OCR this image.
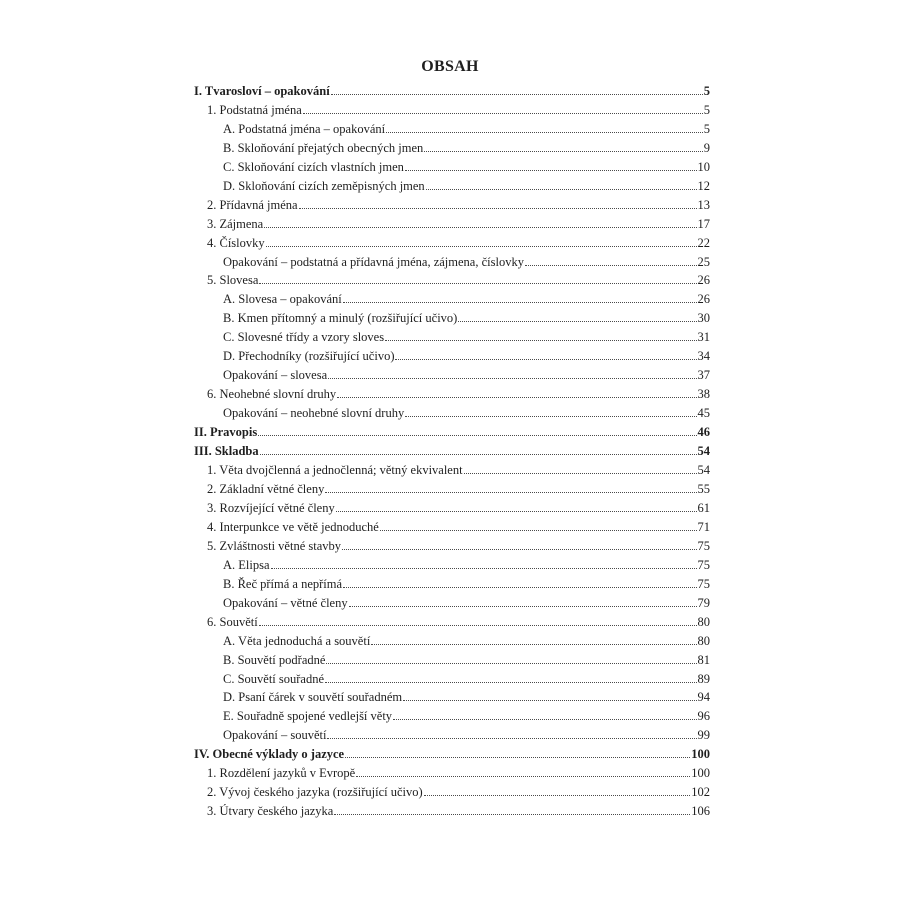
OBSAH
I. Tvarosloví – opakování	5
1. Podstatná jména	5
A. Podstatná jména – opakování	5
B. Skloňování přejatých obecných jmen	9
C. Skloňování cizích vlastních jmen	10
D. Skloňování cizích zeměpisných jmen	12
2. Přídavná jména	13
3. Zájmena	17
4. Číslovky	22
Opakování – podstatná a přídavná jména, zájmena, číslovky	25
5. Slovesa	26
A. Slovesa – opakování	26
B. Kmen přítomný a minulý (rozšiřující učivo)	30
C. Slovesné třídy a vzory sloves	31
D. Přechodníky (rozšiřující učivo)	34
Opakování – slovesa	37
6. Neohebné slovní druhy	38
Opakování – neohebné slovní druhy	45
II. Pravopis	46
III. Skladba	54
1. Věta dvojčlenná a jednočlenná; větný ekvivalent	54
2. Základní větné členy	55
3. Rozvíjející větné členy	61
4. Interpunkce ve větě jednoduché	71
5. Zvláštnosti větné stavby	75
A. Elipsa	75
B. Řeč přímá a nepřímá	75
Opakování – větné členy	79
6. Souvětí	80
A. Věta jednoduchá a souvětí	80
B. Souvětí podřadné	81
C. Souvětí souřadné	89
D. Psaní čárek v souvětí souřadném	94
E. Souřadně spojené vedlejší věty	96
Opakování – souvětí	99
IV. Obecné výklady o jazyce	100
1. Rozdělení jazyků v Evropě	100
2. Vývoj českého jazyka (rozšiřující učivo)	102
3. Útvary českého jazyka	106
